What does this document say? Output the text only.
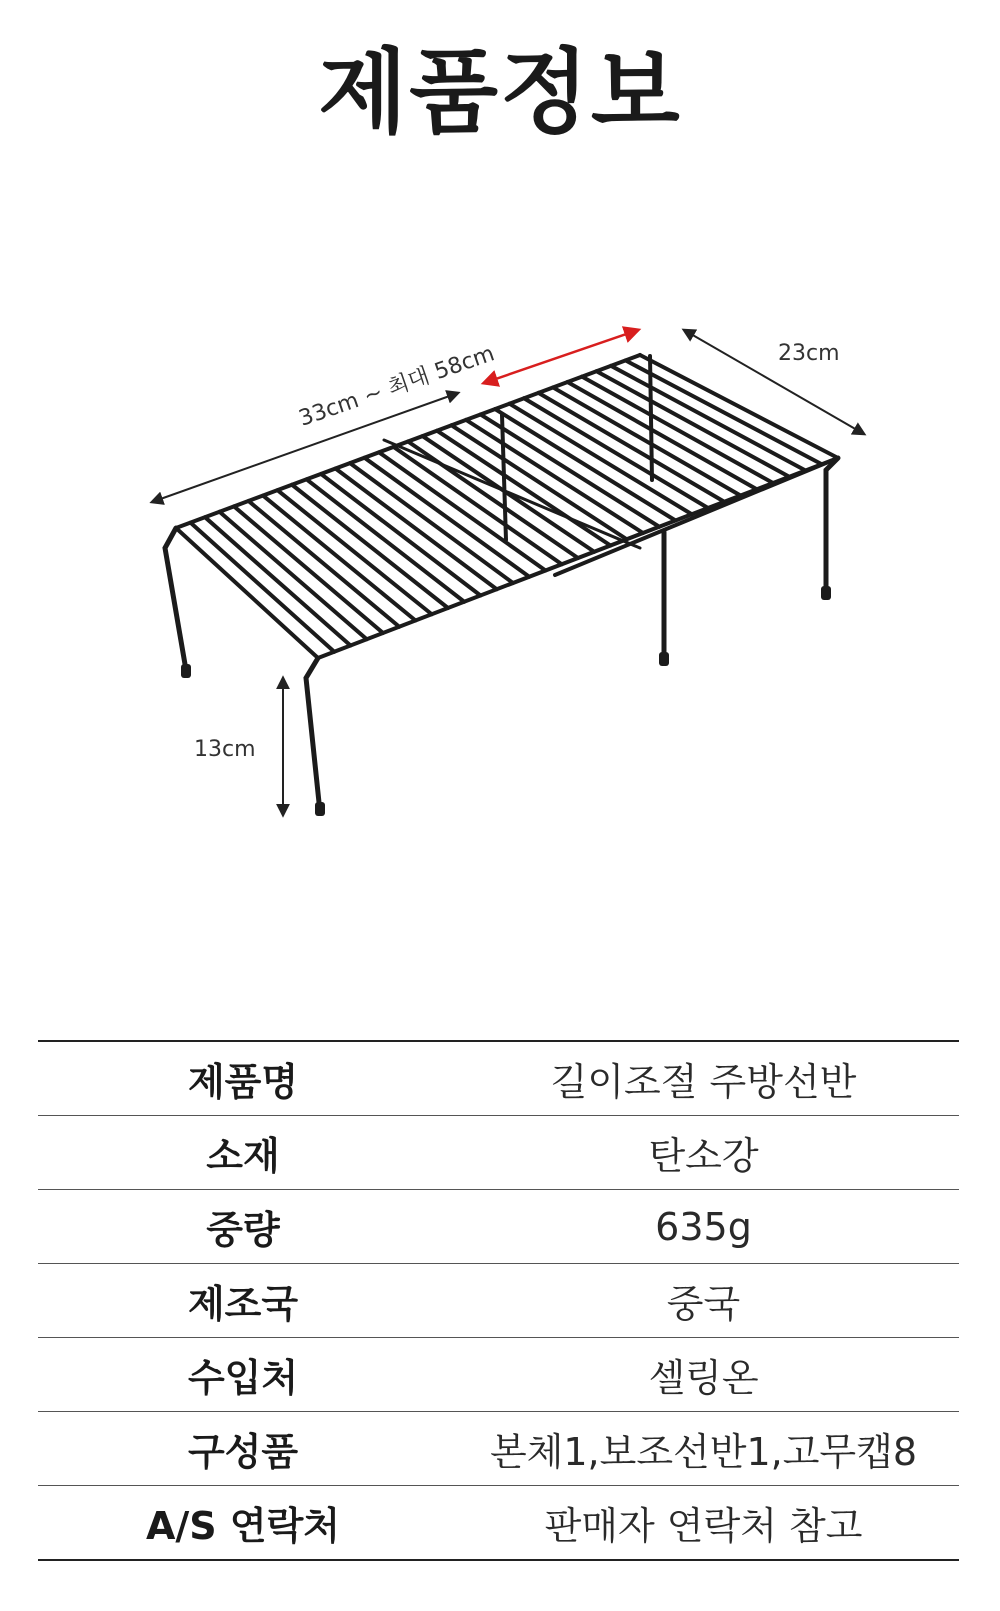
제품정보
33cm ~ 최대 58cm	23cm
13cm
제품명	길이조절 주방선반
소재	탄소강
중량	635g
제조국	중국
수입처	셀링온
구성품	본체1,보조선반1,고무캡8
A/S 연락처	판매자 연락처 참고
